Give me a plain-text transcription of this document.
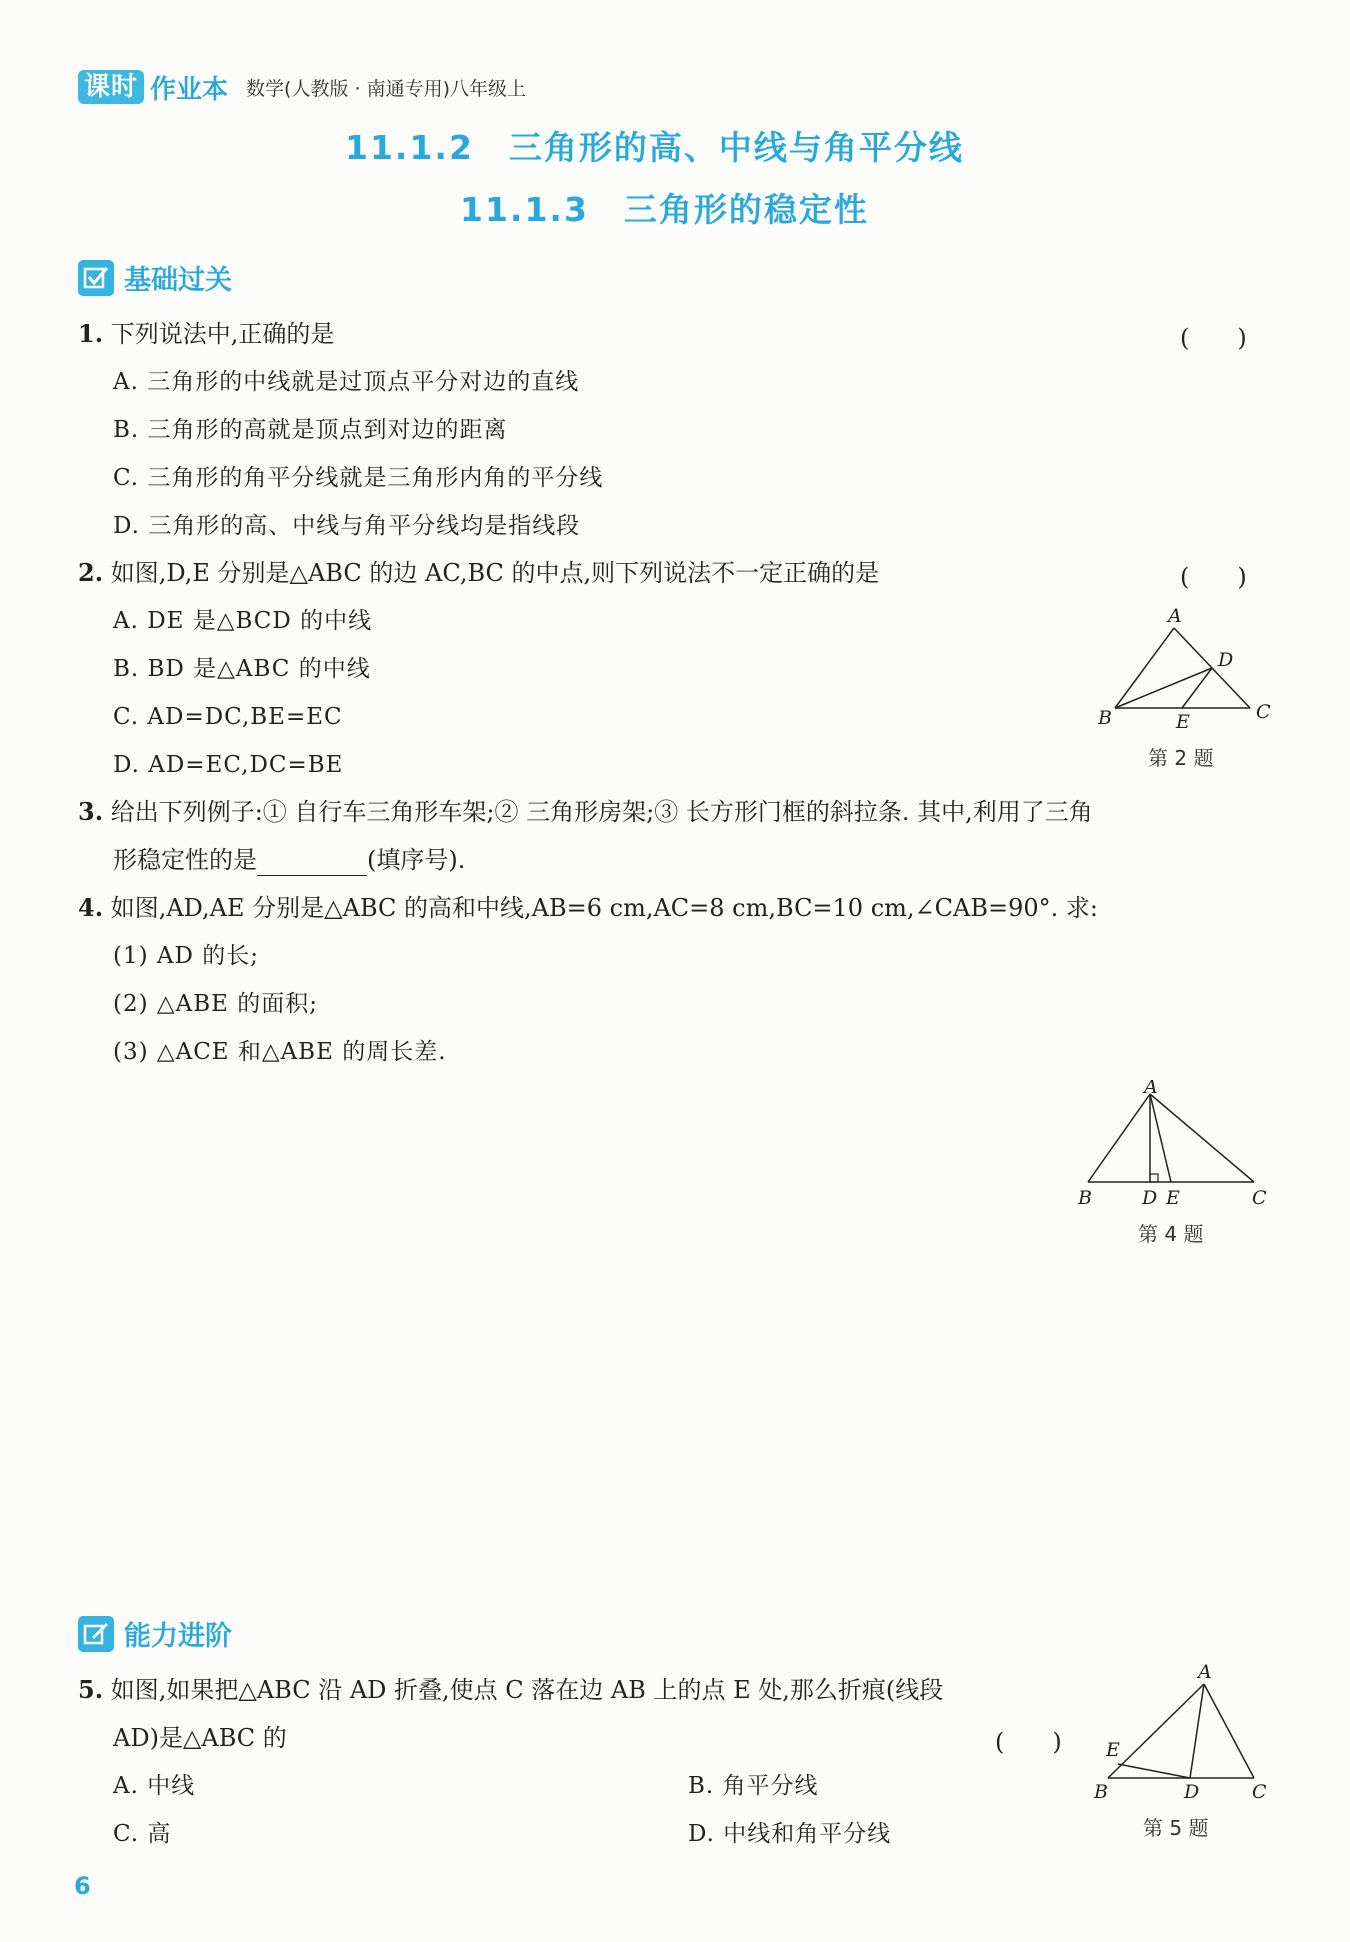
课时 作业本 数学(人教版 · 南通专用)八年级上
11.1.2　三角形的高、中线与角平分线
11.1.3　三角形的稳定性
基础过关
1. 下列说法中,正确的是	(　　)
A. 三角形的中线就是过顶点平分对边的直线
B. 三角形的高就是顶点到对边的距离
C. 三角形的角平分线就是三角形内角的平分线
D. 三角形的高、中线与角平分线均是指线段
2. 如图,D,E 分别是△ABC 的边 AC,BC 的中点,则下列说法不一定正确的是	(　　)
A. DE 是△BCD 的中线
B. BD 是△ABC 的中线
C. AD=DC,BE=EC
D. AD=EC,DC=BE
A
D
B	E	C
第 2 题
3. 给出下列例子:① 自行车三角形车架;② 三角形房架;③ 长方形门框的斜拉条. 其中,利用了三角
形稳定性的是	(填序号).
4. 如图,AD,AE 分别是△ABC 的高和中线,AB=6 cm,AC=8 cm,BC=10 cm,∠CAB=90°. 求:
(1) AD 的长;
(2) △ABE 的面积;
(3) △ACE 和△ABE 的周长差.
A
B	D E	C
第 4 题
能力进阶
5. 如图,如果把△ABC 沿 AD 折叠,使点 C 落在边 AB 上的点 E 处,那么折痕(线段
AD)是△ABC 的	(　　)
A. 中线	B. 角平分线
C. 高	D. 中线和角平分线
A
E
B	D	C
第 5 题
6
